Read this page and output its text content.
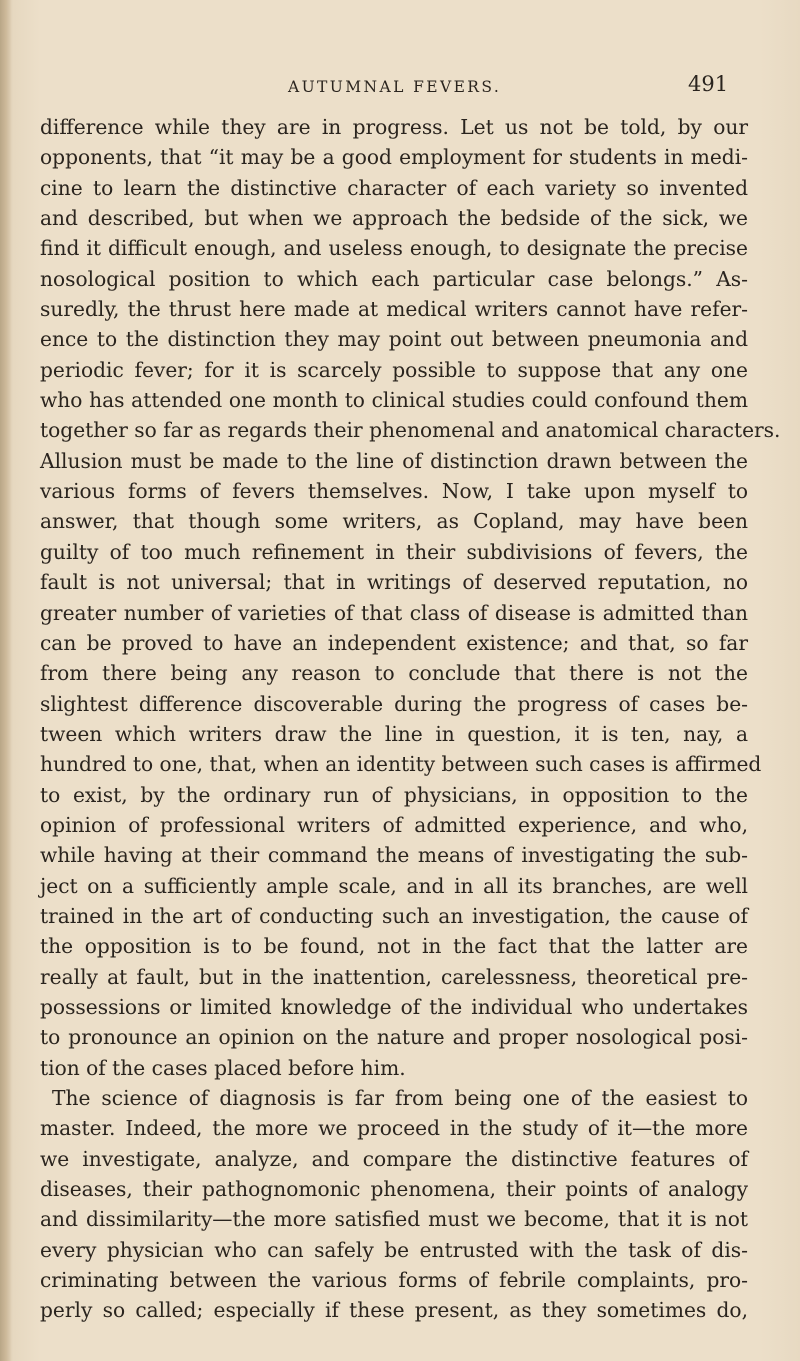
AUTUMNAL FEVERS.	491
difference while they are in progress. Let us not be told, by our
opponents, that “it may be a good employment for students in medi-
cine to learn the distinctive character of each variety so invented
and described, but when we approach the bedside of the sick, we
find it difficult enough, and useless enough, to designate the precise
nosological position to which each particular case belongs.” As-
suredly, the thrust here made at medical writers cannot have refer-
ence to the distinction they may point out between pneumonia and
periodic fever; for it is scarcely possible to suppose that any one
who has attended one month to clinical studies could confound them
together so far as regards their phenomenal and anatomical characters.
Allusion must be made to the line of distinction drawn between the
various forms of fevers themselves. Now, I take upon myself to
answer, that though some writers, as Copland, may have been
guilty of too much refinement in their subdivisions of fevers, the
fault is not universal; that in writings of deserved reputation, no
greater number of varieties of that class of disease is admitted than
can be proved to have an independent existence; and that, so far
from there being any reason to conclude that there is not the
slightest difference discoverable during the progress of cases be-
tween which writers draw the line in question, it is ten, nay, a
hundred to one, that, when an identity between such cases is affirmed
to exist, by the ordinary run of physicians, in opposition to the
opinion of professional writers of admitted experience, and who,
while having at their command the means of investigating the sub-
ject on a sufficiently ample scale, and in all its branches, are well
trained in the art of conducting such an investigation, the cause of
the opposition is to be found, not in the fact that the latter are
really at fault, but in the inattention, carelessness, theoretical pre-
possessions or limited knowledge of the individual who undertakes
to pronounce an opinion on the nature and proper nosological posi-
tion of the cases placed before him.
The science of diagnosis is far from being one of the easiest to
master. Indeed, the more we proceed in the study of it—the more
we investigate, analyze, and compare the distinctive features of
diseases, their pathognomonic phenomena, their points of analogy
and dissimilarity—the more satisfied must we become, that it is not
every physician who can safely be entrusted with the task of dis-
criminating between the various forms of febrile complaints, pro-
perly so called; especially if these present, as they sometimes do,
